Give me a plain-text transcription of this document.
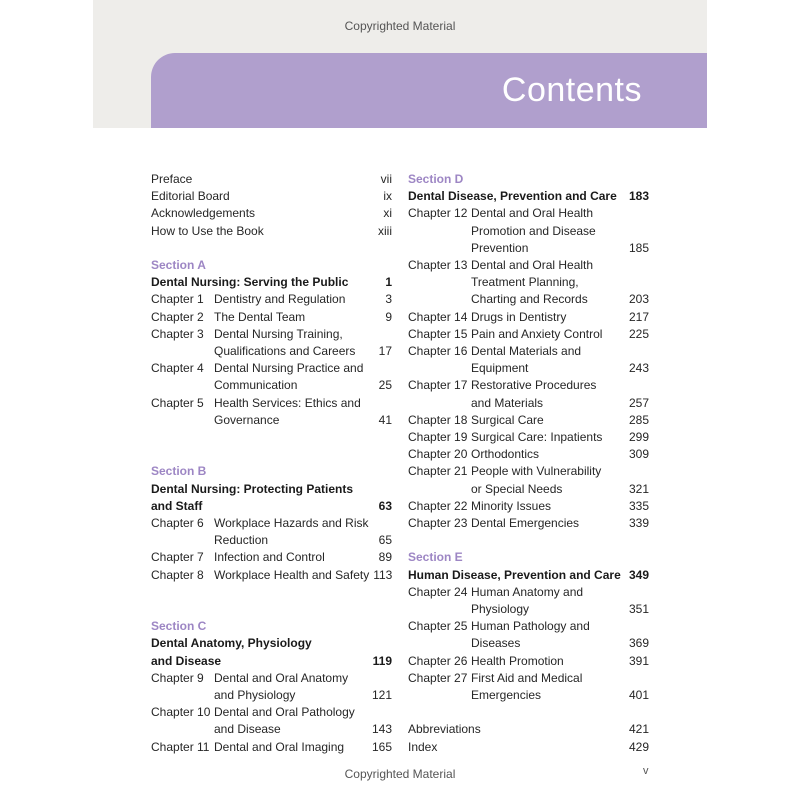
Copyrighted Material
Contents
Preface	vii
Editorial Board	ix
Acknowledgements	xi
How to Use the Book	xiii
Section A
Dental Nursing: Serving the Public	1
Chapter 1 Dentistry and Regulation	3
Chapter 2 The Dental Team	9
Chapter 3 Dental Nursing Training,
Qualifications and Careers	17
Chapter 4 Dental Nursing Practice and
Communication	25
Chapter 5 Health Services: Ethics and
Governance	41
Section B
Dental Nursing: Protecting Patients
and Staff	63
Chapter 6 Workplace Hazards and Risk
Reduction	65
Chapter 7 Infection and Control	89
Chapter 8 Workplace Health and Safety 113
Section C
Dental Anatomy, Physiology
and Disease	119
Chapter 9 Dental and Oral Anatomy
and Physiology	121
Chapter 10 Dental and Oral Pathology
and Disease	143
Chapter 11 Dental and Oral Imaging	165
Section D
Dental Disease, Prevention and Care	183
Chapter 12 Dental and Oral Health
Promotion and Disease
Prevention	185
Chapter 13 Dental and Oral Health
Treatment Planning,
Charting and Records	203
Chapter 14 Drugs in Dentistry	217
Chapter 15 Pain and Anxiety Control	225
Chapter 16 Dental Materials and
Equipment	243
Chapter 17 Restorative Procedures
and Materials	257
Chapter 18 Surgical Care	285
Chapter 19 Surgical Care: Inpatients	299
Chapter 20 Orthodontics	309
Chapter 21 People with Vulnerability
or Special Needs	321
Chapter 22 Minority Issues	335
Chapter 23 Dental Emergencies	339
Section E
Human Disease, Prevention and Care 349
Chapter 24 Human Anatomy and
Physiology	351
Chapter 25 Human Pathology and
Diseases	369
Chapter 26 Health Promotion	391
Chapter 27 First Aid and Medical
Emergencies	401
Abbreviations	421
Index	429
Copyrighted Material	v
